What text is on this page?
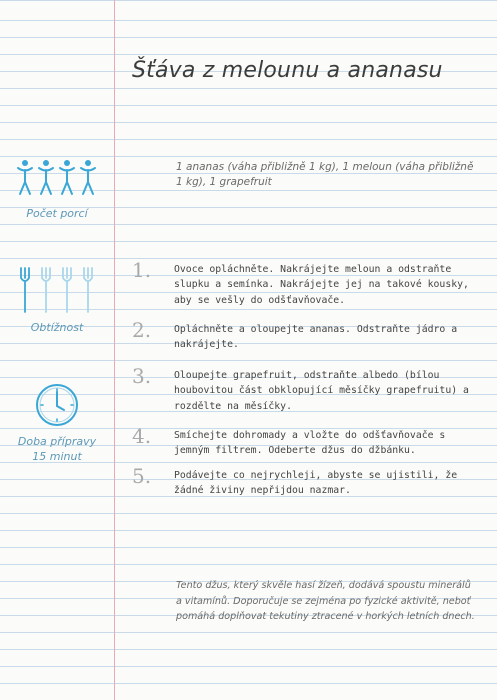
Šťáva z melounu a ananasu

1 ananas (váha přibližně 1 kg), 1 meloun (váha přibližně 1 kg), 1 grapefruit

Počet porcí
Obtížnost
Doba přípravy
15 minut
1. Ovoce opláchněte. Nakrájejte meloun a odstraňte slupku a semínka. Nakrájejte jej na takové kousky, aby se vešly do odšťavňovače.

2. Opláchněte a oloupejte ananas. Odstraňte jádro a nakrájejte.

3. Oloupejte grapefruit, odstraňte albedo (bílou houbovitou část obklopující měsíčky grapefruitu) a rozdělte na měsíčky.

4. Smíchejte dohromady a vložte do odšťavňovače s jemným filtrem. Odeberte džus do džbánku.

5. Podávejte co nejrychleji, abyste se ujistili, že žádné živiny nepřijdou nazmar.

Tento džus, který skvěle hasí žízeň, dodává spoustu minerálů a vitamínů. Doporučuje se zejména po fyzické aktivitě, neboť pomáhá doplňovat tekutiny ztracené v horkých letních dnech.
